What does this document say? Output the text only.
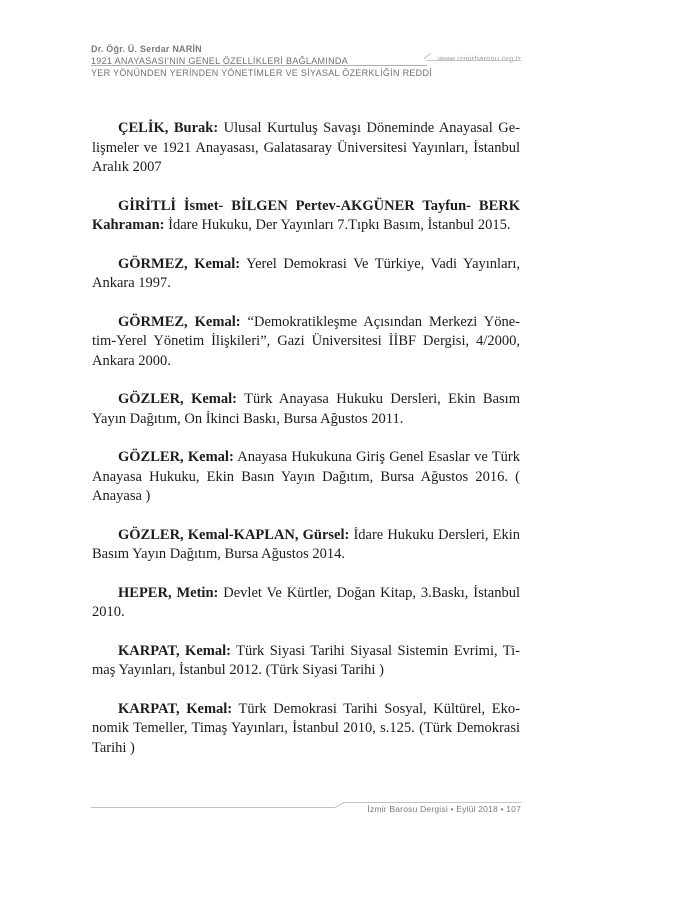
Dr. Öğr. Ü. Serdar NARİN
1921 ANAYASASI’NIN GENEL ÖZELLİKLERİ BAĞLAMINDA
YER YÖNÜNDEN YERİNDEN YÖNETİMLER VE SİYASAL ÖZERKLİĞİN REDDİ
www.izmirbarosu.org.tr

ÇELİK, Burak: Ulusal Kurtuluş Savaşı Döneminde Anayasal Gelişmeler ve 1921 Anayasası, Galatasaray Üniversitesi Yayınları, İstanbul Aralık 2007

GİRİTLİ İsmet- BİLGEN Pertev-AKGÜNER Tayfun- BERK Kahraman: İdare Hukuku, Der Yayınları 7.Tıpkı Basım, İstanbul 2015.

GÖRMEZ, Kemal: Yerel Demokrasi Ve Türkiye, Vadi Yayınları, Ankara 1997.

GÖRMEZ, Kemal: “Demokratikleşme Açısından Merkezi Yönetim-Yerel Yönetim İlişkileri”, Gazi Üniversitesi İİBF Dergisi, 4/2000, Ankara 2000.

GÖZLER, Kemal: Türk Anayasa Hukuku Dersleri, Ekin Basım Yayın Dağıtım, On İkinci Baskı, Bursa Ağustos 2011.

GÖZLER, Kemal: Anayasa Hukukuna Giriş Genel Esaslar ve Türk Anayasa Hukuku, Ekin Basın Yayın Dağıtım, Bursa Ağustos 2016. ( Anayasa )

GÖZLER, Kemal-KAPLAN, Gürsel: İdare Hukuku Dersleri, Ekin Basım Yayın Dağıtım, Bursa Ağustos 2014.

HEPER, Metin: Devlet Ve Kürtler, Doğan Kitap, 3.Baskı, İstanbul 2010.

KARPAT, Kemal: Türk Siyasi Tarihi Siyasal Sistemin Evrimi, Timaş Yayınları, İstanbul 2012. (Türk Siyasi Tarihi )

KARPAT, Kemal: Türk Demokrasi Tarihi Sosyal, Kültürel, Ekonomik Temeller, Timaş Yayınları, İstanbul 2010, s.125. (Türk Demokrasi Tarihi )

İzmir Barosu Dergisi • Eylül 2018 • 107
